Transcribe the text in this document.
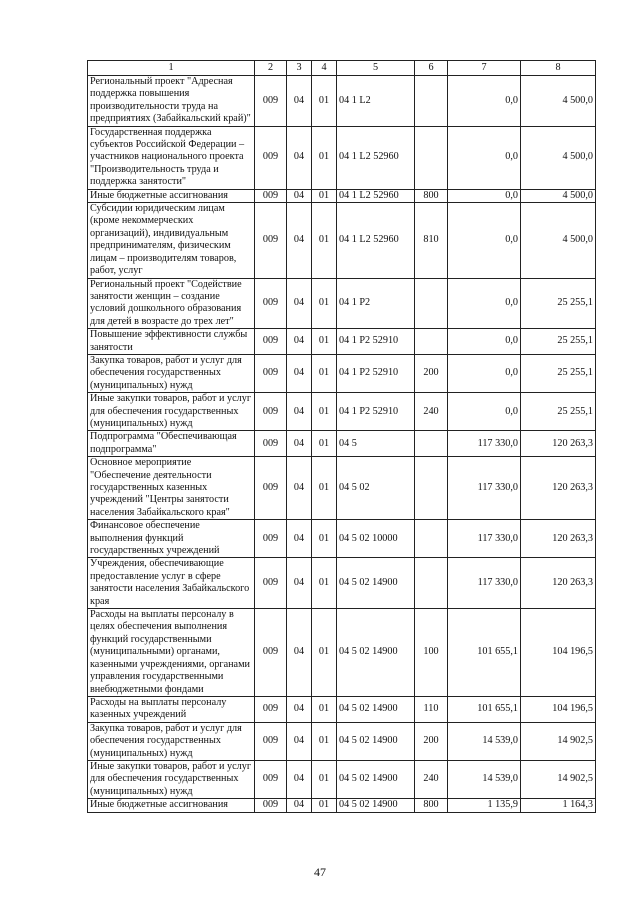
1	2	3	4	5	6	7	8
Региональный проект "Адресная поддержка повышения производительности труда на предприятиях (Забайкальский край)"	009	04	01	04 1 L2		0,0	4 500,0
Государственная поддержка субъектов Российской Федерации – участников национального проекта "Производительность труда и поддержка занятости"	009	04	01	04 1 L2 52960		0,0	4 500,0
Иные бюджетные ассигнования	009	04	01	04 1 L2 52960	800	0,0	4 500,0
Субсидии юридическим лицам (кроме некоммерческих организаций), индивидуальным предпринимателям, физическим лицам – производителям товаров, работ, услуг	009	04	01	04 1 L2 52960	810	0,0	4 500,0
Региональный проект "Содействие занятости женщин – создание условий дошкольного образования для детей в возрасте до трех лет"	009	04	01	04 1 P2		0,0	25 255,1
Повышение эффективности службы занятости	009	04	01	04 1 P2 52910		0,0	25 255,1
Закупка товаров, работ и услуг для обеспечения государственных (муниципальных) нужд	009	04	01	04 1 P2 52910	200	0,0	25 255,1
Иные закупки товаров, работ и услуг для обеспечения государственных (муниципальных) нужд	009	04	01	04 1 P2 52910	240	0,0	25 255,1
Подпрограмма "Обеспечивающая подпрограмма"	009	04	01	04 5		117 330,0	120 263,3
Основное мероприятие "Обеспечение деятельности государственных казенных учреждений "Центры занятости населения Забайкальского края"	009	04	01	04 5 02		117 330,0	120 263,3
Финансовое обеспечение выполнения функций государственных учреждений	009	04	01	04 5 02 10000		117 330,0	120 263,3
Учреждения, обеспечивающие предоставление услуг в сфере занятости населения Забайкальского края	009	04	01	04 5 02 14900		117 330,0	120 263,3
Расходы на выплаты персоналу в целях обеспечения выполнения функций государственными (муниципальными) органами, казенными учреждениями, органами управления государственными внебюджетными фондами	009	04	01	04 5 02 14900	100	101 655,1	104 196,5
Расходы на выплаты персоналу казенных учреждений	009	04	01	04 5 02 14900	110	101 655,1	104 196,5
Закупка товаров, работ и услуг для обеспечения государственных (муниципальных) нужд	009	04	01	04 5 02 14900	200	14 539,0	14 902,5
Иные закупки товаров, работ и услуг для обеспечения государственных (муниципальных) нужд	009	04	01	04 5 02 14900	240	14 539,0	14 902,5
Иные бюджетные ассигнования	009	04	01	04 5 02 14900	800	1 135,9	1 164,3
47
